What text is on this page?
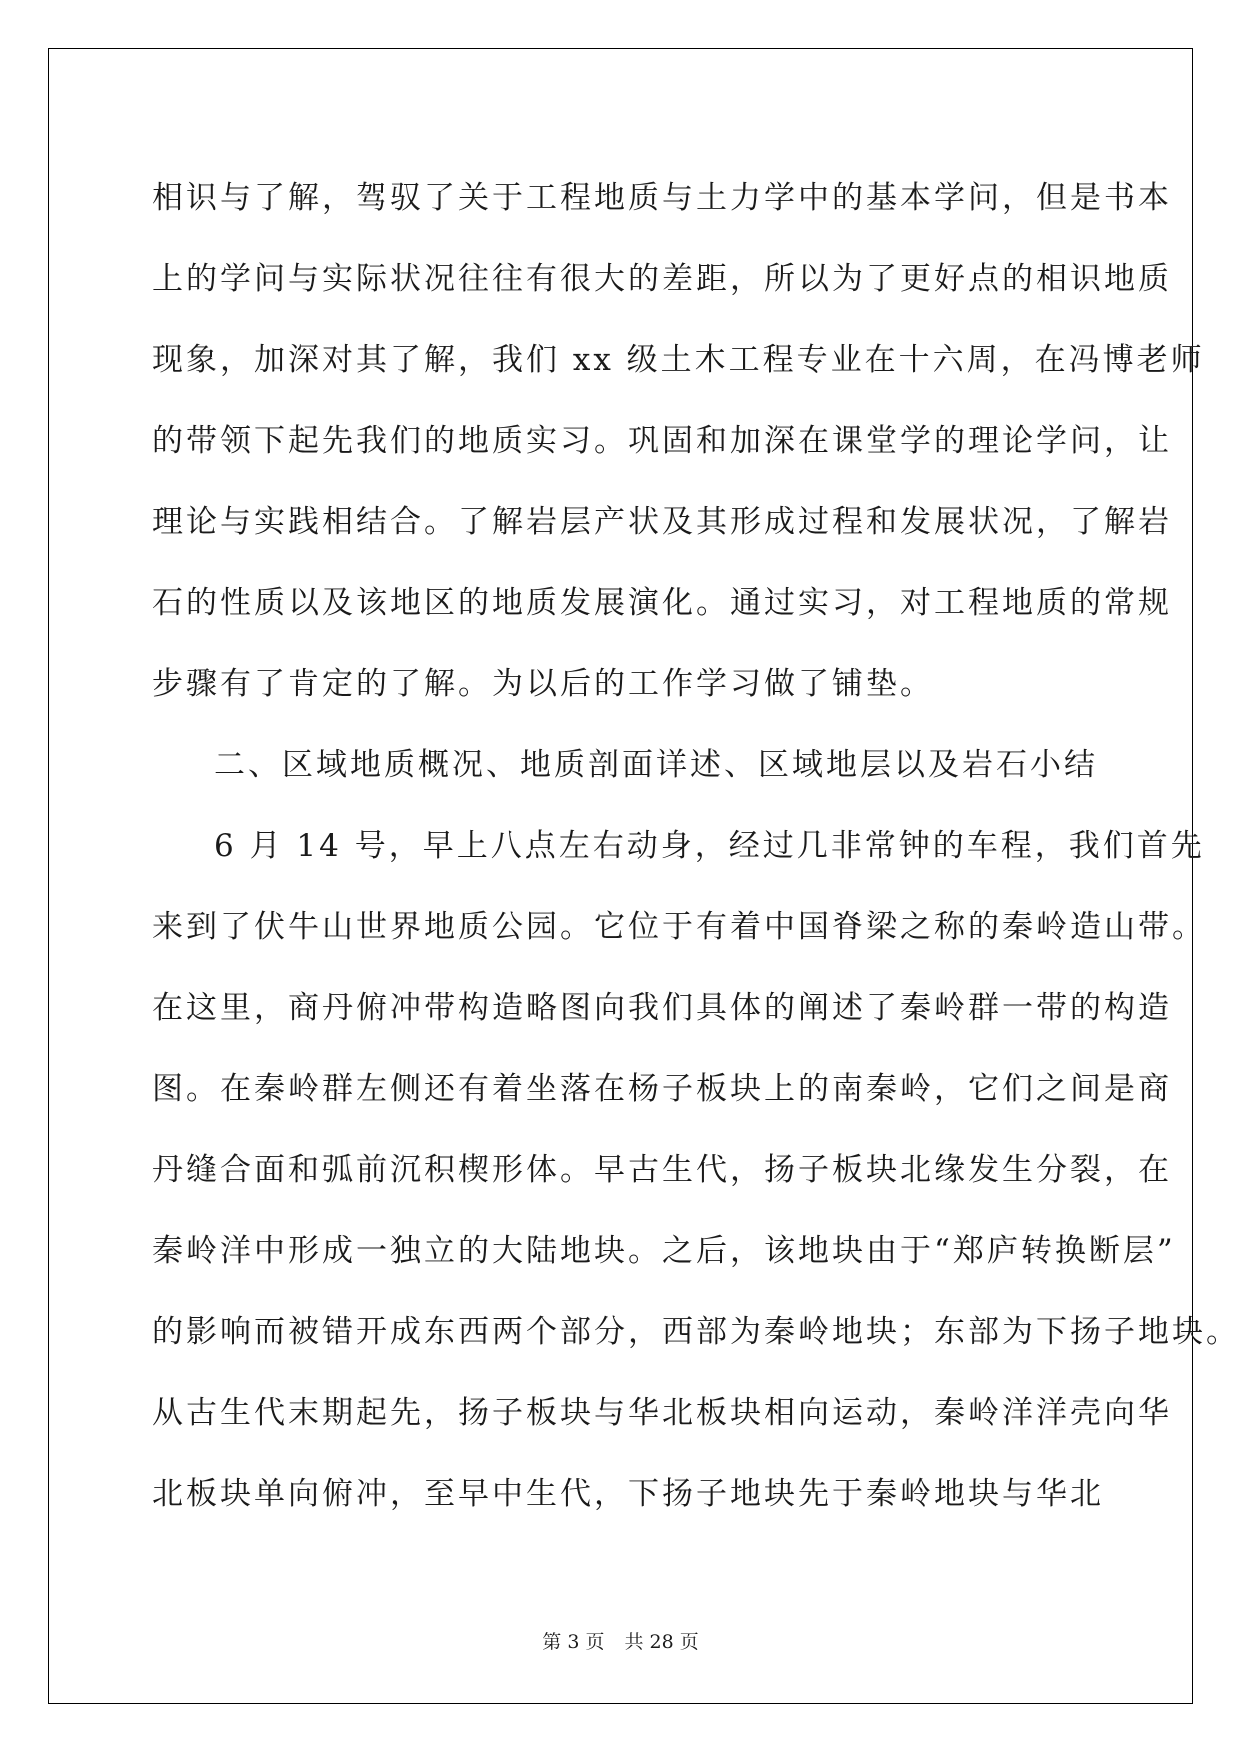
相识与了解，驾驭了关于工程地质与土力学中的基本学问，但是书本
上的学问与实际状况往往有很大的差距，所以为了更好点的相识地质
现象，加深对其了解，我们 xx 级土木工程专业在十六周，在冯博老师
的带领下起先我们的地质实习。巩固和加深在课堂学的理论学问，让
理论与实践相结合。了解岩层产状及其形成过程和发展状况，了解岩
石的性质以及该地区的地质发展演化。通过实习，对工程地质的常规
步骤有了肯定的了解。为以后的工作学习做了铺垫。
二、区域地质概况、地质剖面详述、区域地层以及岩石小结
6 月 14 号，早上八点左右动身，经过几非常钟的车程，我们首先
来到了伏牛山世界地质公园。它位于有着中国脊梁之称的秦岭造山带。
在这里，商丹俯冲带构造略图向我们具体的阐述了秦岭群一带的构造
图。在秦岭群左侧还有着坐落在杨子板块上的南秦岭，它们之间是商
丹缝合面和弧前沉积楔形体。早古生代，扬子板块北缘发生分裂，在
秦岭洋中形成一独立的大陆地块。之后，该地块由于“郑庐转换断层”
的影响而被错开成东西两个部分，西部为秦岭地块；东部为下扬子地块。
从古生代末期起先，扬子板块与华北板块相向运动，秦岭洋洋壳向华
北板块单向俯冲，至早中生代，下扬子地块先于秦岭地块与华北
第 3 页 共 28 页
